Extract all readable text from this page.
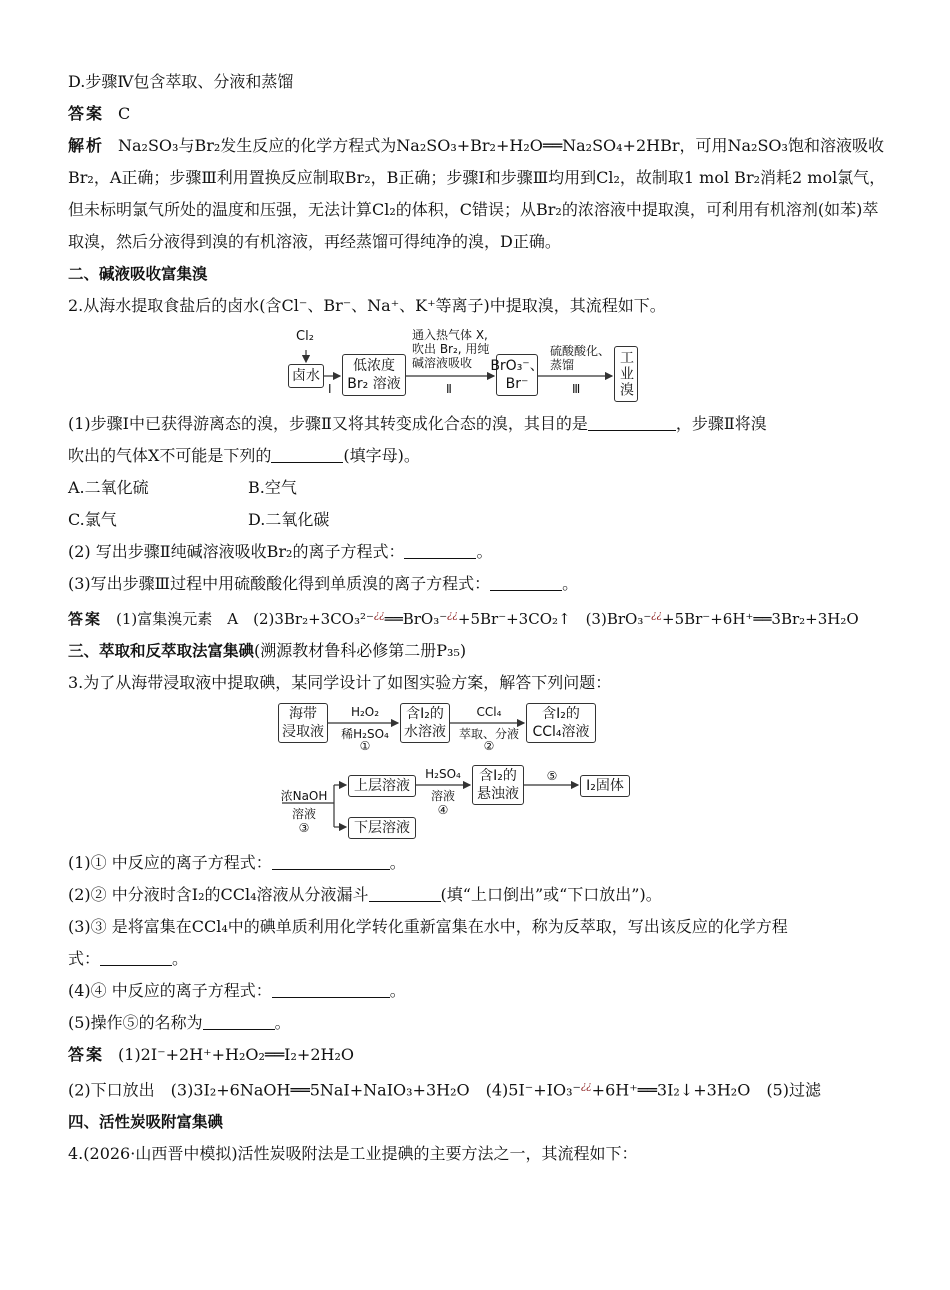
D.步骤Ⅳ包含萃取、分液和蒸馏
答案 C
解析 Na₂SO₃与Br₂发生反应的化学方程式为Na₂SO₃+Br₂+H₂O══Na₂SO₄+2HBr，可用Na₂SO₃饱和溶液吸收Br₂，A正确；步骤Ⅲ利用置换反应制取Br₂，B正确；步骤Ⅰ和步骤Ⅲ均用到Cl₂，故制取1 mol Br₂消耗2 mol氯气，但未标明氯气所处的温度和压强，无法计算Cl₂的体积，C错误；从Br₂的浓溶液中提取溴，可利用有机溶剂(如苯)萃取溴，然后分液得到溴的有机溶液，再经蒸馏可得纯净的溴，D正确。
二、碱液吸收富集溴
2.从海水提取食盐后的卤水(含Cl⁻、Br⁻、Na⁺、K⁺等离子)中提取溴，其流程如下。
Cl₂
卤水
Ⅰ
低浓度
Br₂ 溶液
通入热气体 X,
吹出 Br₂, 用纯
碱溶液吸收
Ⅱ
BrO₃⁻、
Br⁻
硫酸酸化、
蒸馏
Ⅲ	工业溴
(1)步骤Ⅰ中已获得游离态的溴，步骤Ⅱ又将其转变成化合态的溴，其目的是	，步骤Ⅱ将溴
吹出的气体X不可能是下列的	(填字母)。
A.二氧化硫	B.空气
C.氯气	D.二氧化碳
(2) 写出步骤Ⅱ纯碱溶液吸收Br₂的离子方程式：	。
(3)写出步骤Ⅲ过程中用硫酸酸化得到单质溴的离子方程式：	。
答案 (1)富集溴元素　A　(2)3Br₂+3CO₃²⁻¿¿══BrO₃⁻¿¿+5Br⁻+3CO₂↑　(3)BrO₃⁻¿¿+5Br⁻+6H⁺══3Br₂+3H₂O
三、萃取和反萃取法富集碘(溯源教材鲁科必修第二册P₃₅)
3.为了从海带浸取液中提取碘，某同学设计了如图实验方案，解答下列问题：
海带
浸取液
H₂O₂
稀H₂SO₄
①
含I₂的
水溶液
CCl₄
萃取、分液
②
含I₂的
CCl₄溶液
浓NaOH
溶液
③
上层溶液
下层溶液
H₂SO₄
溶液
④
含I₂的
悬浊液
⑤
I₂固体
(1)① 中反应的离子方程式：	。
(2)② 中分液时含I₂的CCl₄溶液从分液漏斗	(填“上口倒出”或“下口放出”)。
(3)③ 是将富集在CCl₄中的碘单质利用化学转化重新富集在水中，称为反萃取，写出该反应的化学方程
式：	。
(4)④ 中反应的离子方程式：	。
(5)操作⑤的名称为	。
答案 (1)2I⁻+2H⁺+H₂O₂══I₂+2H₂O
(2)下口放出　(3)3I₂+6NaOH══5NaI+NaIO₃+3H₂O　(4)5I⁻+IO₃⁻¿¿+6H⁺══3I₂↓+3H₂O　(5)过滤
四、活性炭吸附富集碘
4.(2026·山西晋中模拟)活性炭吸附法是工业提碘的主要方法之一，其流程如下：
